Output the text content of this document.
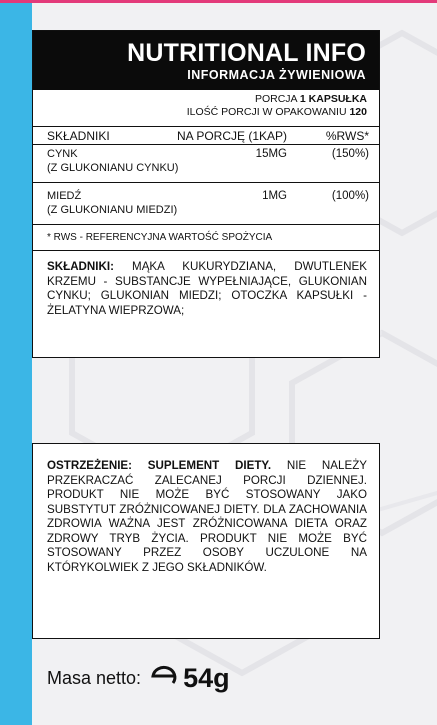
NUTRITIONAL INFO
INFORMACJA ŻYWIENIOWA
PORCJA 1 KAPSUŁKA
ILOŚĆ PORCJI W OPAKOWANIU 120
SKŁADNIKI	NA PORCJĘ (1KAP)	%RWS*
CYNK
(Z GLUKONIANU CYNKU)
15MG	(150%)
MIEDŹ
(Z GLUKONIANU MIEDZI)
1MG	(100%)
* RWS - REFERENCYJNA WARTOŚĆ SPOŻYCIA
SKŁADNIKI: MĄKA KUKURYDZIANA, DWUTLENEK KRZEMU - SUBSTANCJE WYPEŁNIAJĄCE, GLUKONIAN CYNKU; GLUKONIAN MIEDZI; OTOCZKA KAPSUŁKI - ŻELATYNA WIEPRZOWA;
OSTRZEŻENIE: SUPLEMENT DIETY. NIE NALEŻY PRZEKRACZAĆ ZALECANEJ PORCJI DZIENNEJ. PRODUKT NIE MOŻE BYĆ STOSOWANY JAKO SUBSTYTUT ZRÓŻNICOWANEJ DIETY. DLA ZACHOWANIA ZDROWIA WAŻNA JEST ZRÓŻNICOWANA DIETA ORAZ ZDROWY TRYB ŻYCIA. PRODUKT NIE MOŻE BYĆ STOSOWANY PRZEZ OSOBY UCZULONE NA KTÓRYKOLWIEK Z JEGO SKŁADNIKÓW.
Masa netto: 54g
